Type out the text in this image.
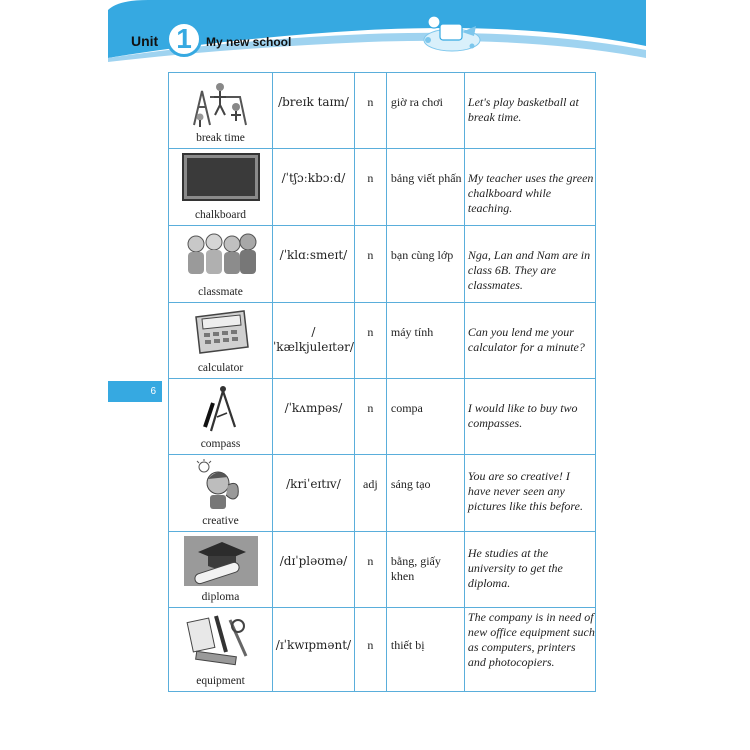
Unit 1	My new school
6
break time	/breɪk taɪm/	n	giờ ra chơi	Let's play basketball at break time.

chalkboard	/ˈtʃɔːkbɔːd/	n	bảng viết phấn	My teacher uses the green chalkboard while teaching.

classmate	/ˈklɑːsmeɪt/	n	bạn cùng lớp	Nga, Lan and Nam are in class 6B. They are classmates.

calculator	/ˈkælkjuleɪtər/	n	máy tính	Can you lend me your calculator for a minute?

compass	/ˈkʌmpəs/	n	compa	I would like to buy two compasses.

creative	/kriˈeɪtɪv/	adj	sáng tạo	You are so creative! I have never seen any pictures like this before.

diploma	/dɪˈpləʊmə/	n	bằng, giấy khen	He studies at the university to get the diploma.

equipment	/ɪˈkwɪpmənt/	n	thiết bị	The company is in need of new office equipment such as computers, printers and photocopiers.
